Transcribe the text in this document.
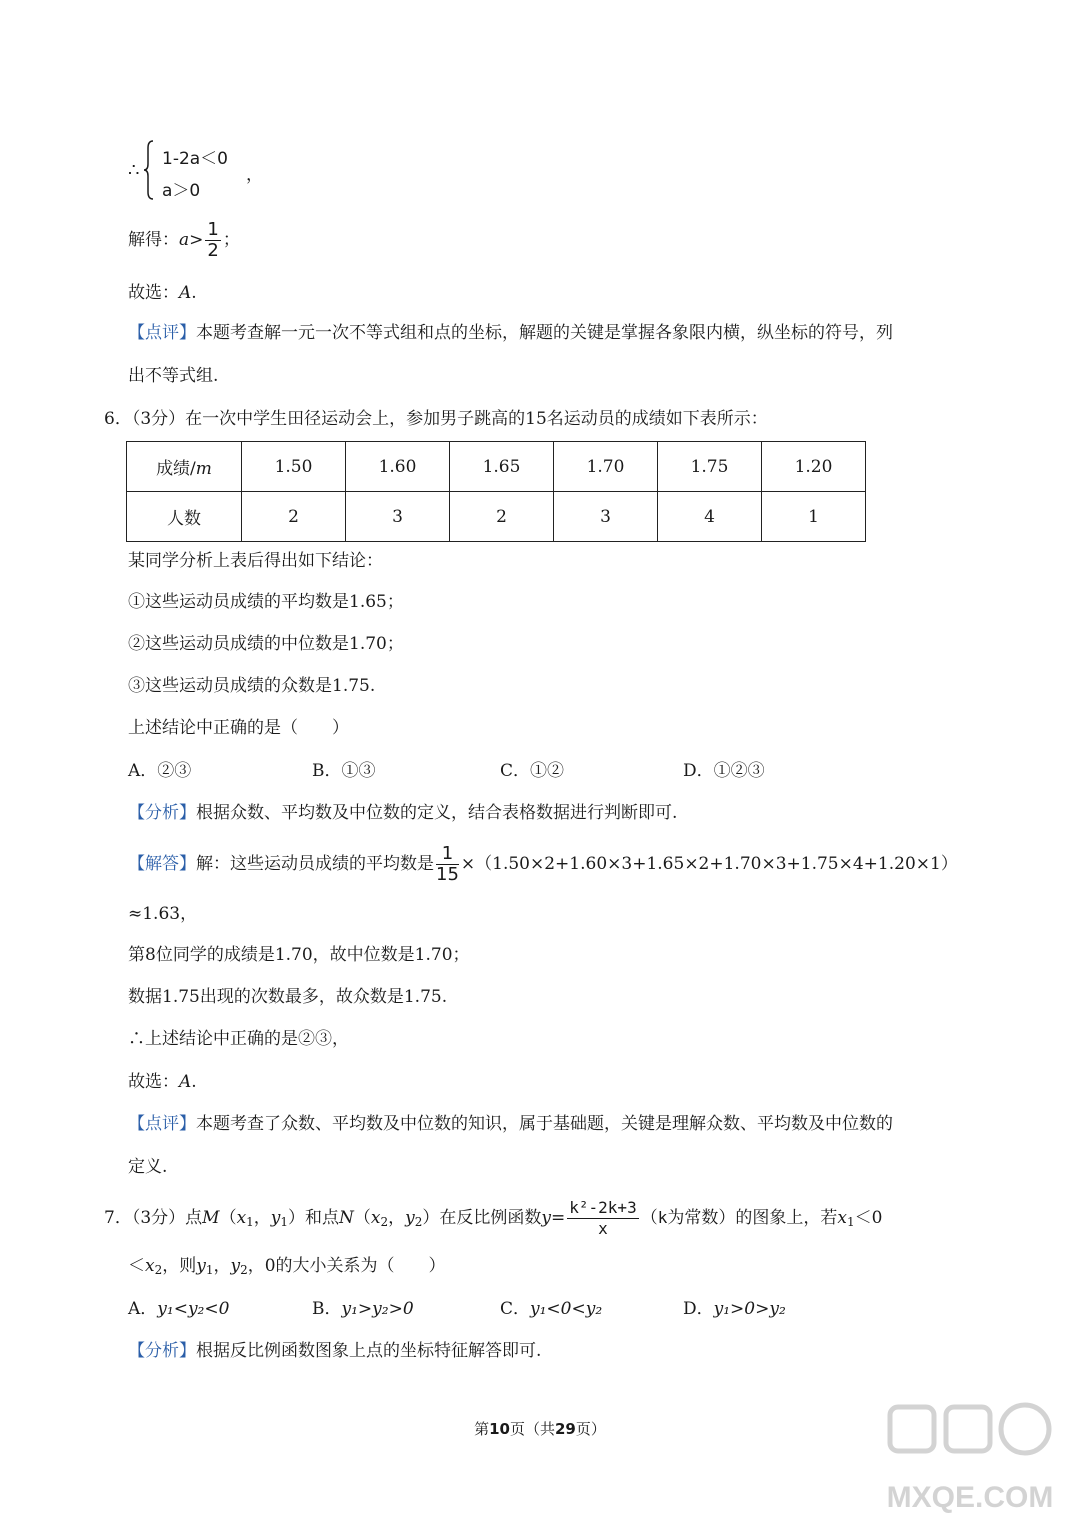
∴
1-2a＜0
a＞0
，
解得：$a> \frac{1}{2}$ ；
故选：A.
【点评】本题考查解一元一次不等式组和点的坐标，解题的关键是掌握各象限内横，纵坐标的符号，列
出不等式组.
6．（3分）在一次中学生田径运动会上，参加男子跳高的15名运动员的成绩如下表所示：
成绩/m	1.50	1.60	1.65	1.70	1.75	1.20
人数	2	3	2	3	4	1
某同学分析上表后得出如下结论：
①这些运动员成绩的平均数是1.65；
②这些运动员成绩的中位数是1.70；
③这些运动员成绩的众数是1.75.
上述结论中正确的是（　　）
A．②③	B．①③	C．①②	D．①②③
【分析】根据众数、平均数及中位数的定义，结合表格数据进行判断即可.
【解答】解：这些运动员成绩的平均数是 $\frac{1}{15} \times(1.50\times 2+1.60\times 3+1.65\times 2+1.70\times 3+1.75\times 4+1.20\times 1)$
≈1.63，
第8位同学的成绩是1.70，故中位数是1.70；
数据1.75出现的次数最多，故众数是1.75.
∴上述结论中正确的是②③，
故选：A.
【点评】本题考查了众数、平均数及中位数的知识，属于基础题，关键是理解众数、平均数及中位数的
定义.
7．（3分）点$M(x_1$，$y_1$）和点$N(x_2$，$y_2$）在反比例函数$y= \frac{\text{k²-2k+3}}{x} (k$为常数）的图象上，若$x_1<0$
$<x_2$，则$y_1$，$y_2$，0的大小关系为（　　）
A．y₁<y₂<0	B．y₁>y₂>0	C．y₁<0<y₂	D．y₁>0>y₂
【分析】根据反比例函数图象上点的坐标特征解答即可.
第10页（共29页）
MXQE.COM
